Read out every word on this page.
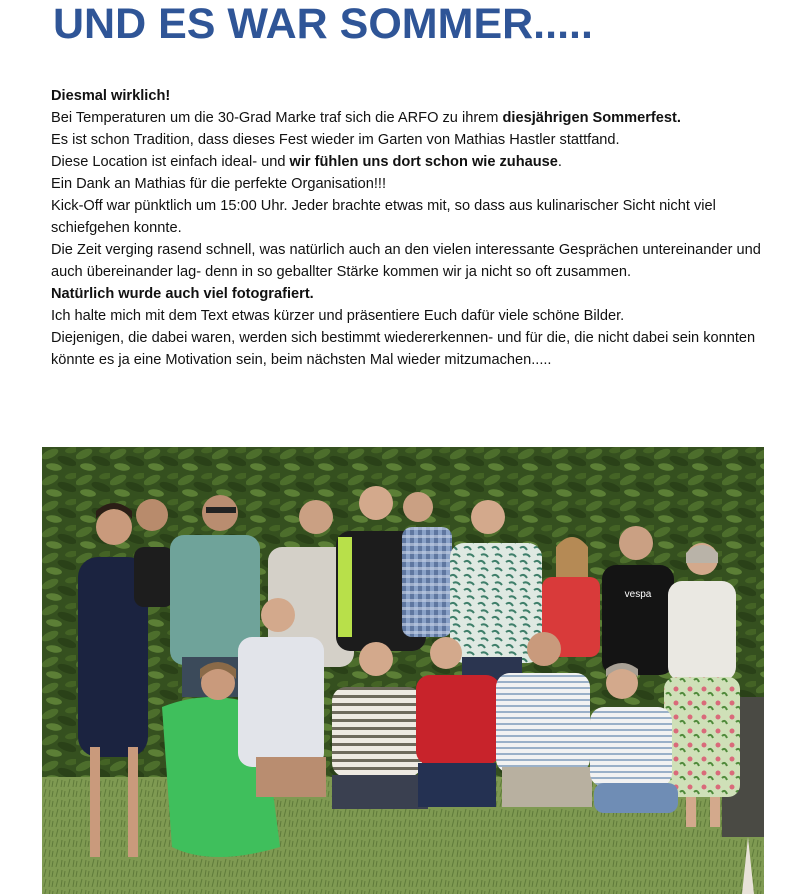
UND ES WAR SOMMER.....

Diesmal wirklich!

Bei Temperaturen um die 30-Grad Marke traf sich die ARFO zu ihrem diesjährigen Sommerfest.

Es ist schon Tradition, dass dieses Fest wieder im Garten von Mathias Hastler stattfand.

Diese Location ist einfach ideal- und wir fühlen uns dort schon wie zuhause.

Ein Dank an Mathias für die perfekte Organisation!!!

Kick-Off war pünktlich um 15:00 Uhr. Jeder brachte etwas mit, so dass aus kulinarischer Sicht nicht viel schiefgehen konnte.

Die Zeit verging rasend schnell, was natürlich auch an den vielen interessante Gesprächen untereinander und auch übereinander lag- denn in so geballter Stärke kommen wir ja nicht so oft zusammen.

Natürlich wurde auch viel fotografiert.

Ich halte mich mit dem Text etwas kürzer und präsentiere Euch dafür viele schöne Bilder.

Diejenigen, die dabei waren, werden sich bestimmt wiedererkennen- und für die, die nicht dabei sein konnten könnte es ja eine Motivation sein, beim nächsten Mal wieder mitzumachen.....

vespa
